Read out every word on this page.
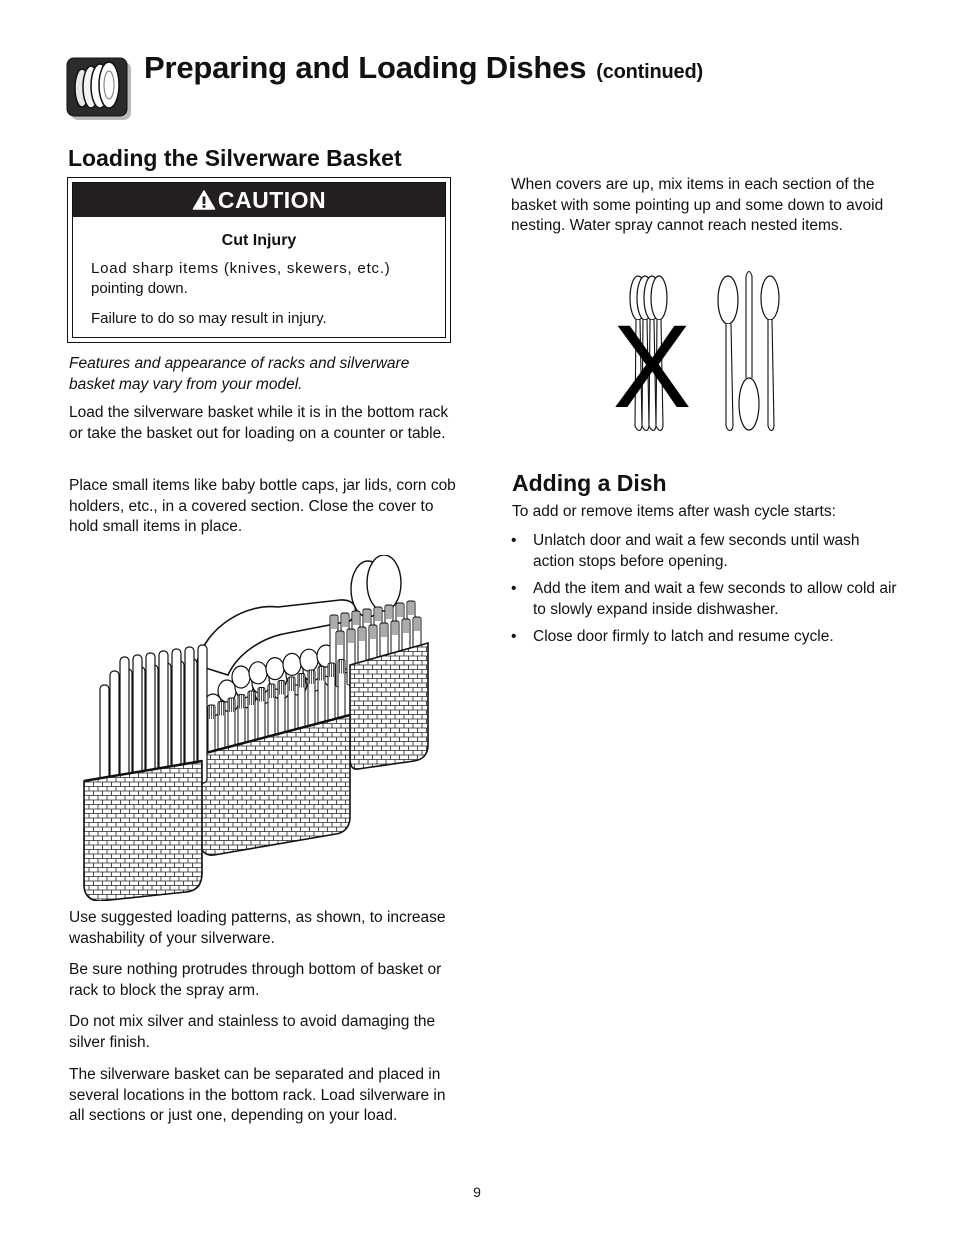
Preparing and Loading Dishes (continued)
Loading the Silverware Basket
CAUTION
Cut Injury
Load sharp items (knives, skewers, etc.)
pointing down.
Failure to do so may result in injury.
Features and appearance of racks and silverware basket may vary from your model.
Load the silverware basket while it is in the bottom rack or take the basket out for loading on a counter or table.
Place small items like baby bottle caps, jar lids, corn cob holders, etc., in a covered section. Close the cover to hold small items in place.
Use suggested loading patterns, as shown, to increase washability of your silverware.
Be sure nothing protrudes through bottom of basket or rack to block the spray arm.
Do not mix silver and stainless to avoid damaging the silver finish.
The silverware basket can be separated and placed in several locations in the bottom rack. Load silverware in all sections or just one, depending on your load.
When covers are up, mix items in each section of the basket with some pointing up and some down to avoid nesting. Water spray cannot reach nested items.
X
Adding a Dish
To add or remove items after wash cycle starts:
• Unlatch door and wait a few seconds until wash action stops before opening.
• Add the item and wait a few seconds to allow cold air to slowly expand inside dishwasher.
• Close door firmly to latch and resume cycle.
9
